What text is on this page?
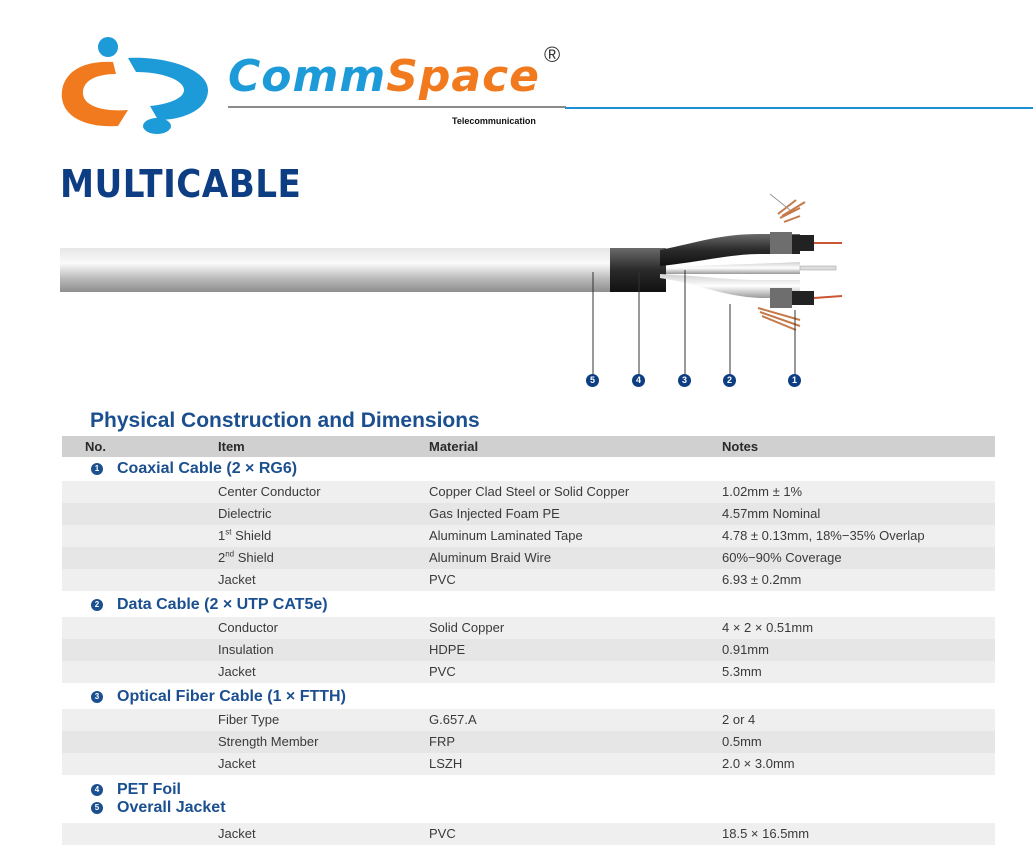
CommSpace ®
Telecommunication
MULTICABLE
5	4	3	2	1
Physical Construction and Dimensions
No.	Item	Material	Notes
1 Coaxial Cable (2 × RG6)
Center Conductor	Copper Clad Steel or Solid Copper	1.02mm ± 1%
Dielectric	Gas Injected Foam PE	4.57mm Nominal
1st Shield	Aluminum Laminated Tape	4.78 ± 0.13mm, 18%−35% Overlap
2nd Shield	Aluminum Braid Wire	60%−90% Coverage
Jacket	PVC	6.93 ± 0.2mm
2 Data Cable (2 × UTP CAT5e)
Conductor	Solid Copper	4 × 2 × 0.51mm
Insulation	HDPE	0.91mm
Jacket	PVC	5.3mm
3 Optical Fiber Cable (1 × FTTH)
Fiber Type	G.657.A	2 or 4
Strength Member	FRP	0.5mm
Jacket	LSZH	2.0 × 3.0mm
4 PET Foil
5 Overall Jacket
Jacket	PVC	18.5 × 16.5mm
